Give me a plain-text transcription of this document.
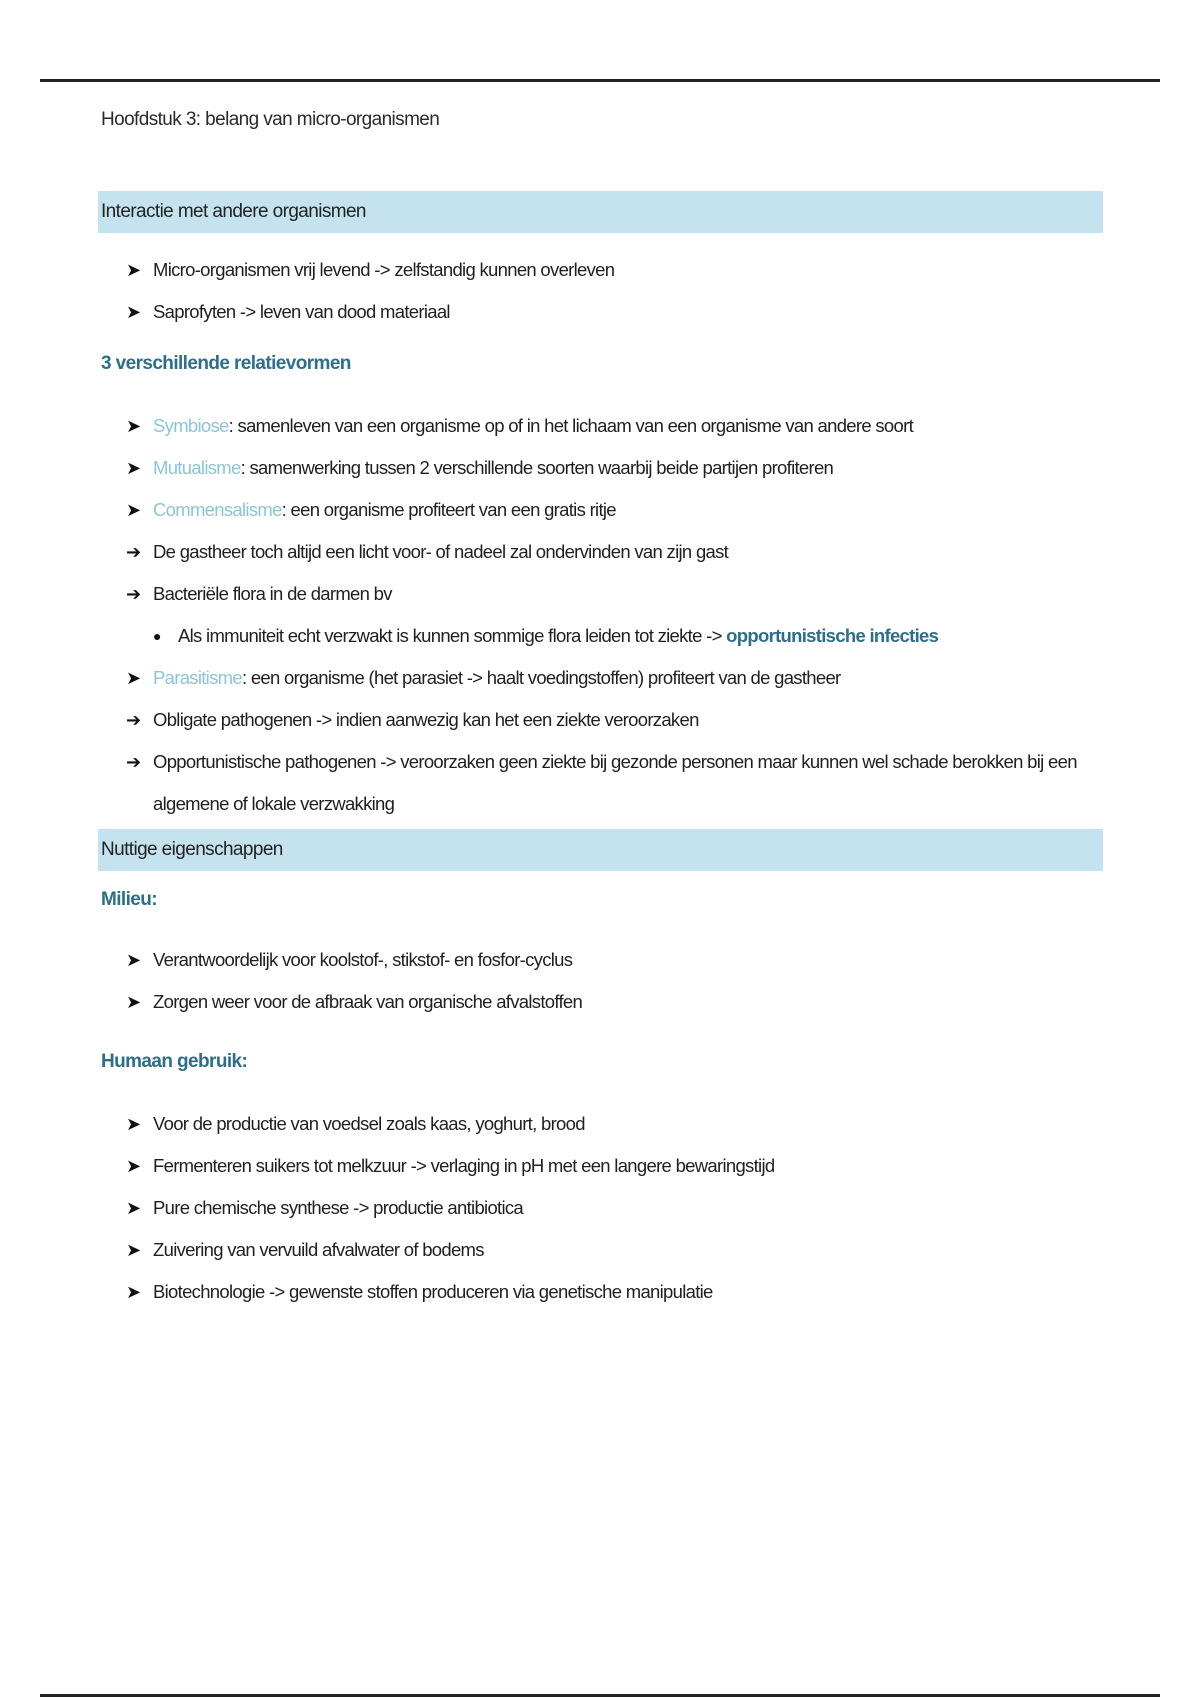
Hoofdstuk 3: belang van micro-organismen

Interactie met andere organismen
➤ Micro-organismen vrij levend -> zelfstandig kunnen overleven
➤ Saprofyten -> leven van dood materiaal
3 verschillende relatievormen
➤ Symbiose: samenleven van een organisme op of in het lichaam van een organisme van andere soort
➤ Mutualisme: samenwerking tussen 2 verschillende soorten waarbij beide partijen profiteren
➤ Commensalisme: een organisme profiteert van een gratis ritje
➔ De gastheer toch altijd een licht voor- of nadeel zal ondervinden van zijn gast
➔ Bacteriële flora in de darmen bv
● Als immuniteit echt verzwakt is kunnen sommige flora leiden tot ziekte -> opportunistische infecties
➤ Parasitisme: een organisme (het parasiet -> haalt voedingstoffen) profiteert van de gastheer
➔ Obligate pathogenen -> indien aanwezig kan het een ziekte veroorzaken
➔ Opportunistische pathogenen -> veroorzaken geen ziekte bij gezonde personen maar kunnen wel schade berokken bij een algemene of lokale verzwakking
Nuttige eigenschappen
Milieu:
➤ Verantwoordelijk voor koolstof-, stikstof- en fosfor-cyclus
➤ Zorgen weer voor de afbraak van organische afvalstoffen
Humaan gebruik:
➤ Voor de productie van voedsel zoals kaas, yoghurt, brood
➤ Fermenteren suikers tot melkzuur -> verlaging in pH met een langere bewaringstijd
➤ Pure chemische synthese -> productie antibiotica
➤ Zuivering van vervuild afvalwater of bodems
➤ Biotechnologie -> gewenste stoffen produceren via genetische manipulatie
